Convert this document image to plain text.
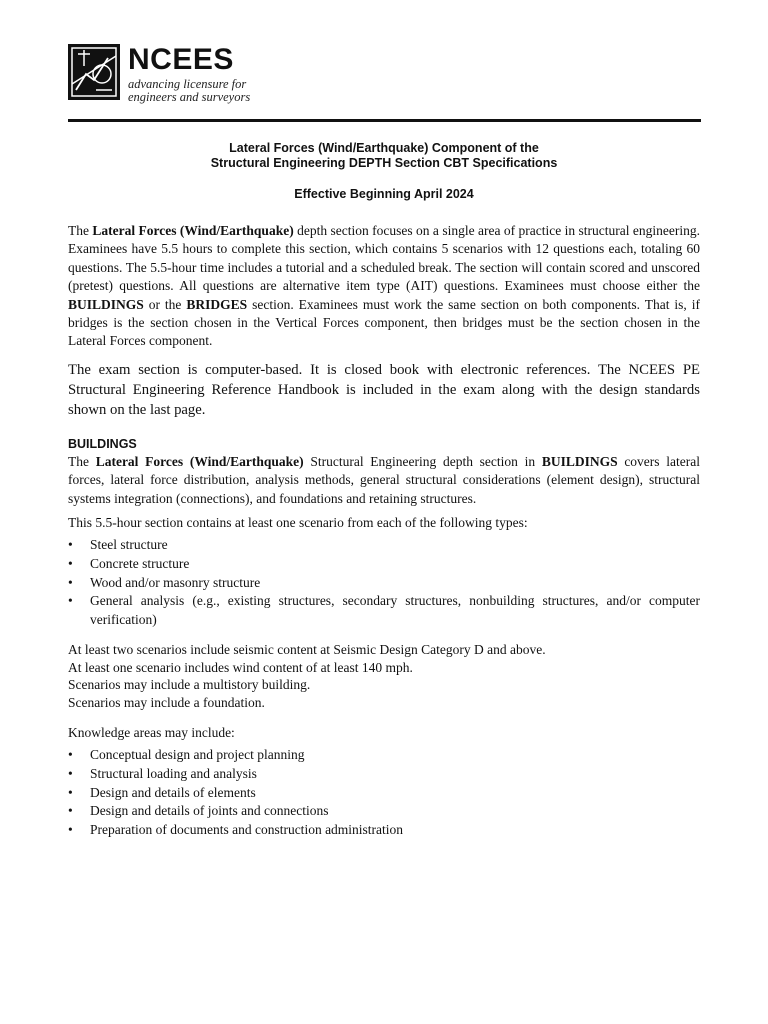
NCEES
advancing licensure for
engineers and surveyors
Lateral Forces (Wind/Earthquake) Component of the
Structural Engineering DEPTH Section CBT Specifications
Effective Beginning April 2024

The Lateral Forces (Wind/Earthquake) depth section focuses on a single area of practice in structural engineering. Examinees have 5.5 hours to complete this section, which contains 5 scenarios with 12 questions each, totaling 60 questions. The 5.5-hour time includes a tutorial and a scheduled break. The section will contain scored and unscored (pretest) questions. All questions are alternative item type (AIT) questions. Examinees must choose either the BUILDINGS or the BRIDGES section. Examinees must work the same section on both components. That is, if bridges is the section chosen in the Vertical Forces component, then bridges must be the section chosen in the Lateral Forces component.

The exam section is computer-based. It is closed book with electronic references. The NCEES PE Structural Engineering Reference Handbook is included in the exam along with the design standards shown on the last page.

BUILDINGS

The Lateral Forces (Wind/Earthquake) Structural Engineering depth section in BUILDINGS covers lateral forces, lateral force distribution, analysis methods, general structural considerations (element design), structural systems integration (connections), and foundations and retaining structures.

This 5.5-hour section contains at least one scenario from each of the following types:

• Steel structure
• Concrete structure
• Wood and/or masonry structure
• General analysis (e.g., existing structures, secondary structures, nonbuilding structures, and/or computer verification)
At least two scenarios include seismic content at Seismic Design Category D and above.
At least one scenario includes wind content of at least 140 mph.
Scenarios may include a multistory building.
Scenarios may include a foundation.
Knowledge areas may include:
• Conceptual design and project planning
• Structural loading and analysis
• Design and details of elements
• Design and details of joints and connections
• Preparation of documents and construction administration
